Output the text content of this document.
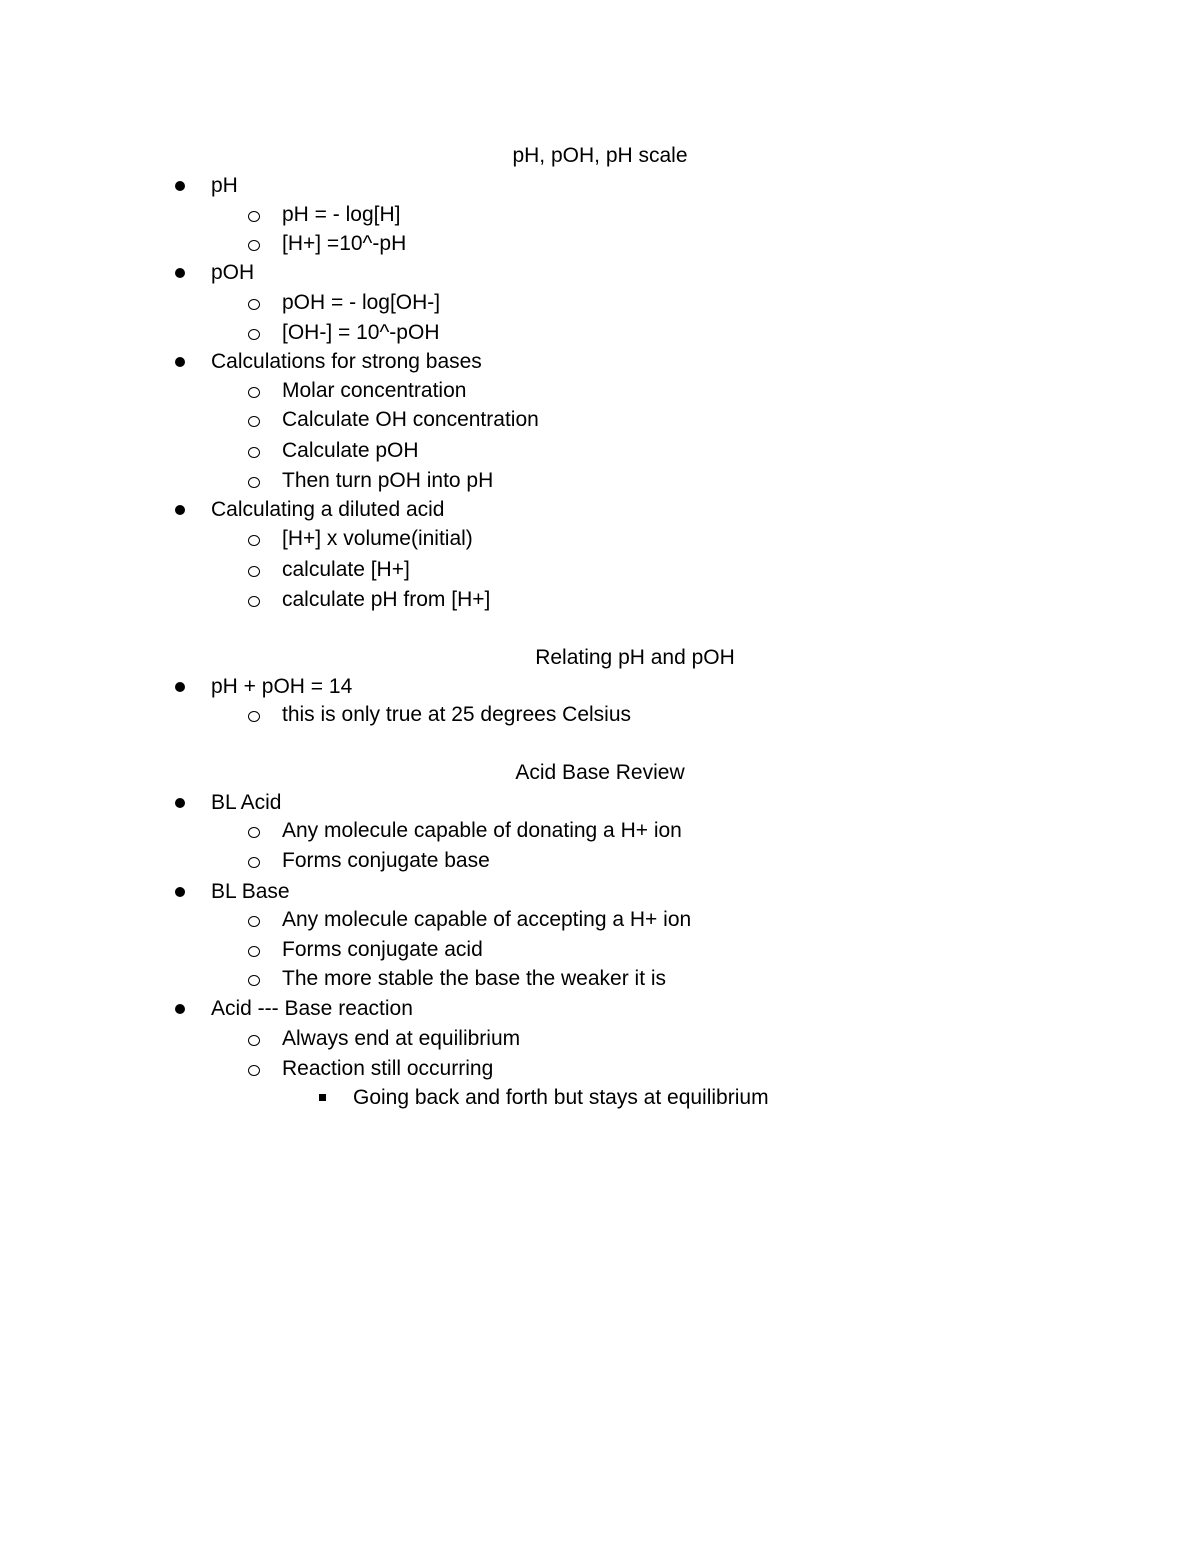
pH, pOH, pH scale
pH
pH = - log[H]
[H+] =10^-pH
pOH
pOH = - log[OH-]
[OH-] = 10^-pOH
Calculations for strong bases
Molar concentration
Calculate OH concentration
Calculate pOH
Then turn pOH into pH
Calculating a diluted acid
[H+] x volume(initial)
calculate [H+]
calculate pH from [H+]
Relating pH and pOH
pH + pOH = 14
this is only true at 25 degrees Celsius
Acid Base Review
BL Acid
Any molecule capable of donating a H+ ion
Forms conjugate base
BL Base
Any molecule capable of accepting a H+ ion
Forms conjugate acid
The more stable the base the weaker it is
Acid --- Base reaction
Always end at equilibrium
Reaction still occurring
Going back and forth but stays at equilibrium
